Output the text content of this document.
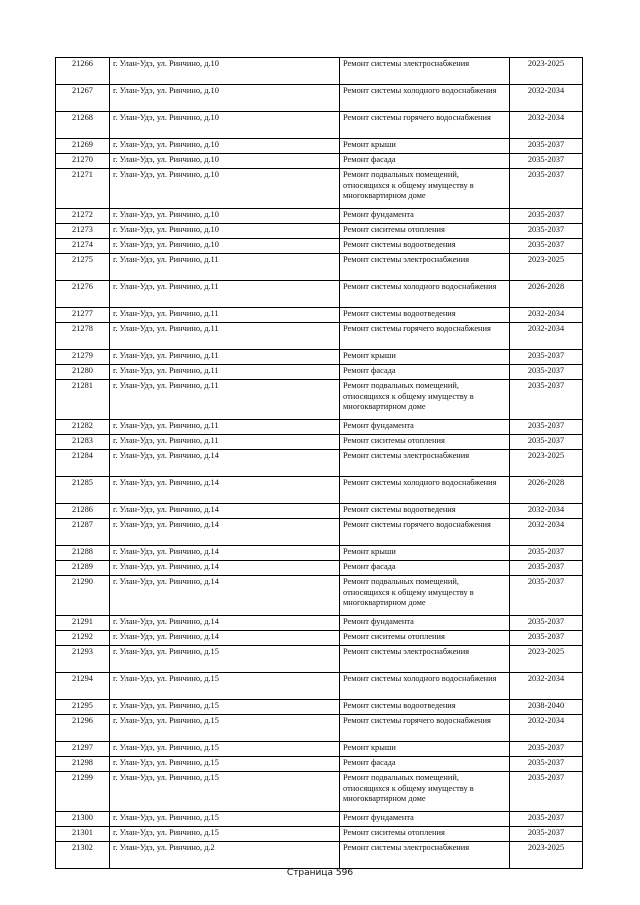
21266	г. Улан-Удэ, ул. Ринчино, д.10	Ремонт системы электроснабжения	2023-2025
21267	г. Улан-Удэ, ул. Ринчино, д.10	Ремонт системы холодного водоснабжения	2032-2034
21268	г. Улан-Удэ, ул. Ринчино, д.10	Ремонт системы горячего водоснабжения	2032-2034
21269	г. Улан-Удэ, ул. Ринчино, д.10	Ремонт крыши	2035-2037
21270	г. Улан-Удэ, ул. Ринчино, д.10	Ремонт фасада	2035-2037
21271	г. Улан-Удэ, ул. Ринчино, д.10	Ремонт подвальных помещений, относящихся к общему имуществу в многоквартирном доме	2035-2037
21272	г. Улан-Удэ, ул. Ринчино, д.10	Ремонт фундамента	2035-2037
21273	г. Улан-Удэ, ул. Ринчино, д.10	Ремонт сиситемы отопления	2035-2037
21274	г. Улан-Удэ, ул. Ринчино, д.10	Ремонт системы водоотведения	2035-2037
21275	г. Улан-Удэ, ул. Ринчино, д.11	Ремонт системы электроснабжения	2023-2025
21276	г. Улан-Удэ, ул. Ринчино, д.11	Ремонт системы холодного водоснабжения	2026-2028
21277	г. Улан-Удэ, ул. Ринчино, д.11	Ремонт системы водоотведения	2032-2034
21278	г. Улан-Удэ, ул. Ринчино, д.11	Ремонт системы горячего водоснабжения	2032-2034
21279	г. Улан-Удэ, ул. Ринчино, д.11	Ремонт крыши	2035-2037
21280	г. Улан-Удэ, ул. Ринчино, д.11	Ремонт фасада	2035-2037
21281	г. Улан-Удэ, ул. Ринчино, д.11	Ремонт подвальных помещений, относящихся к общему имуществу в многоквартирном доме	2035-2037
21282	г. Улан-Удэ, ул. Ринчино, д.11	Ремонт фундамента	2035-2037
21283	г. Улан-Удэ, ул. Ринчино, д.11	Ремонт сиситемы отопления	2035-2037
21284	г. Улан-Удэ, ул. Ринчино, д.14	Ремонт системы электроснабжения	2023-2025
21285	г. Улан-Удэ, ул. Ринчино, д.14	Ремонт системы холодного водоснабжения	2026-2028
21286	г. Улан-Удэ, ул. Ринчино, д.14	Ремонт системы водоотведения	2032-2034
21287	г. Улан-Удэ, ул. Ринчино, д.14	Ремонт системы горячего водоснабжения	2032-2034
21288	г. Улан-Удэ, ул. Ринчино, д.14	Ремонт крыши	2035-2037
21289	г. Улан-Удэ, ул. Ринчино, д.14	Ремонт фасада	2035-2037
21290	г. Улан-Удэ, ул. Ринчино, д.14	Ремонт подвальных помещений, относящихся к общему имуществу в многоквартирном доме	2035-2037
21291	г. Улан-Удэ, ул. Ринчино, д.14	Ремонт фундамента	2035-2037
21292	г. Улан-Удэ, ул. Ринчино, д.14	Ремонт сиситемы отопления	2035-2037
21293	г. Улан-Удэ, ул. Ринчино, д.15	Ремонт системы электроснабжения	2023-2025
21294	г. Улан-Удэ, ул. Ринчино, д.15	Ремонт системы холодного водоснабжения	2032-2034
21295	г. Улан-Удэ, ул. Ринчино, д.15	Ремонт системы водоотведения	2038-2040
21296	г. Улан-Удэ, ул. Ринчино, д.15	Ремонт системы горячего водоснабжения	2032-2034
21297	г. Улан-Удэ, ул. Ринчино, д.15	Ремонт крыши	2035-2037
21298	г. Улан-Удэ, ул. Ринчино, д.15	Ремонт фасада	2035-2037
21299	г. Улан-Удэ, ул. Ринчино, д.15	Ремонт подвальных помещений, относящихся к общему имуществу в многоквартирном доме	2035-2037
21300	г. Улан-Удэ, ул. Ринчино, д.15	Ремонт фундамента	2035-2037
21301	г. Улан-Удэ, ул. Ринчино, д.15	Ремонт сиситемы отопления	2035-2037
21302	г. Улан-Удэ, ул. Ринчино, д.2	Ремонт системы электроснабжения	2023-2025
Страница 596
